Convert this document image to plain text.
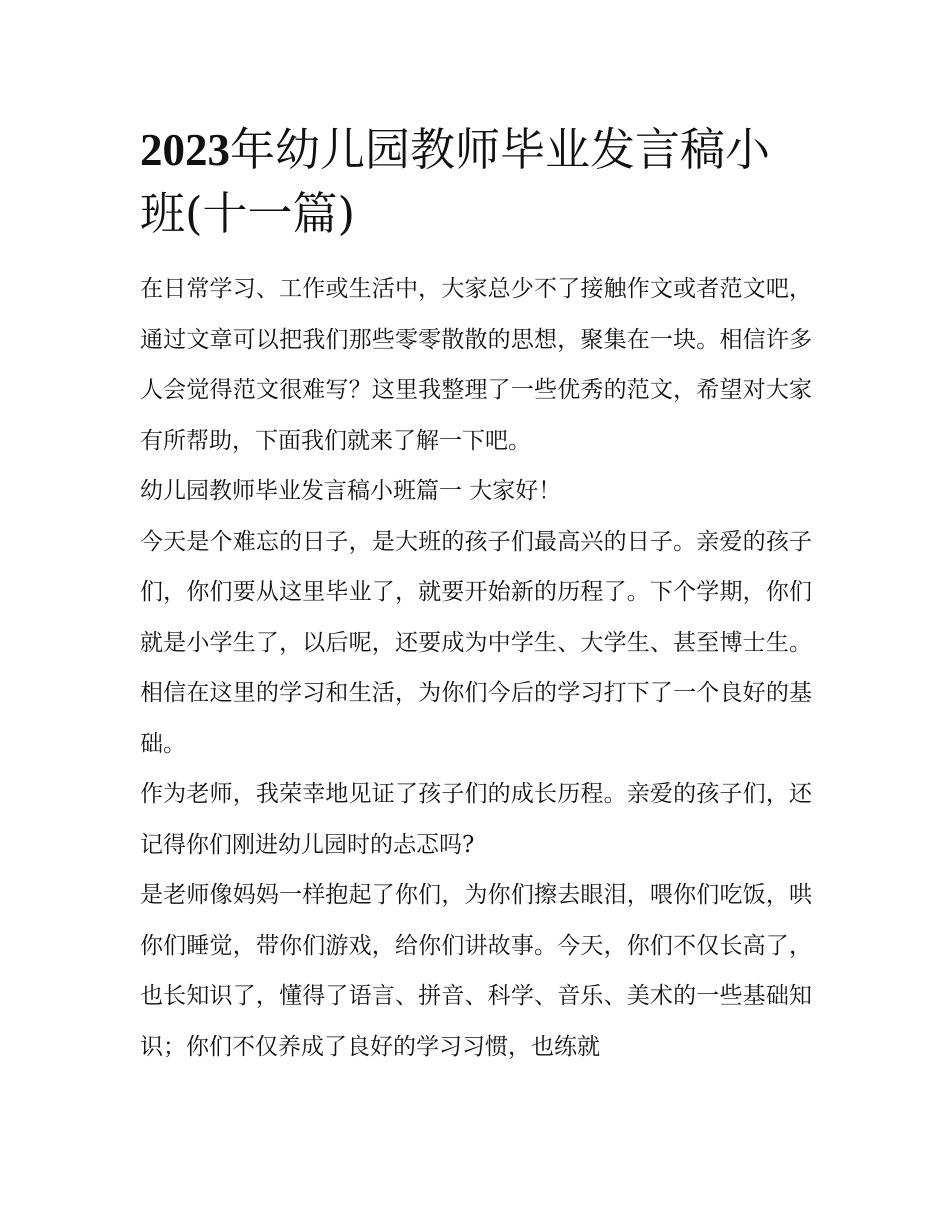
2023年幼儿园教师毕业发言稿小班(十一篇)

在日常学习、工作或生活中，大家总少不了接触作文或者范文吧，通过文章可以把我们那些零零散散的思想，聚集在一块。相信许多人会觉得范文很难写？这里我整理了一些优秀的范文，希望对大家有所帮助，下面我们就来了解一下吧。

幼儿园教师毕业发言稿小班篇一 大家好！

今天是个难忘的日子，是大班的孩子们最高兴的日子。亲爱的孩子们，你们要从这里毕业了，就要开始新的历程了。下个学期，你们就是小学生了，以后呢，还要成为中学生、大学生、甚至博士生。相信在这里的学习和生活，为你们今后的学习打下了一个良好的基础。

作为老师，我荣幸地见证了孩子们的成长历程。亲爱的孩子们，还记得你们刚进幼儿园时的忐忑吗?

是老师像妈妈一样抱起了你们，为你们擦去眼泪，喂你们吃饭，哄你们睡觉，带你们游戏，给你们讲故事。今天，你们不仅长高了，也长知识了，懂得了语言、拼音、科学、音乐、美术的一些基础知识；你们不仅养成了良好的学习习惯，也练就
